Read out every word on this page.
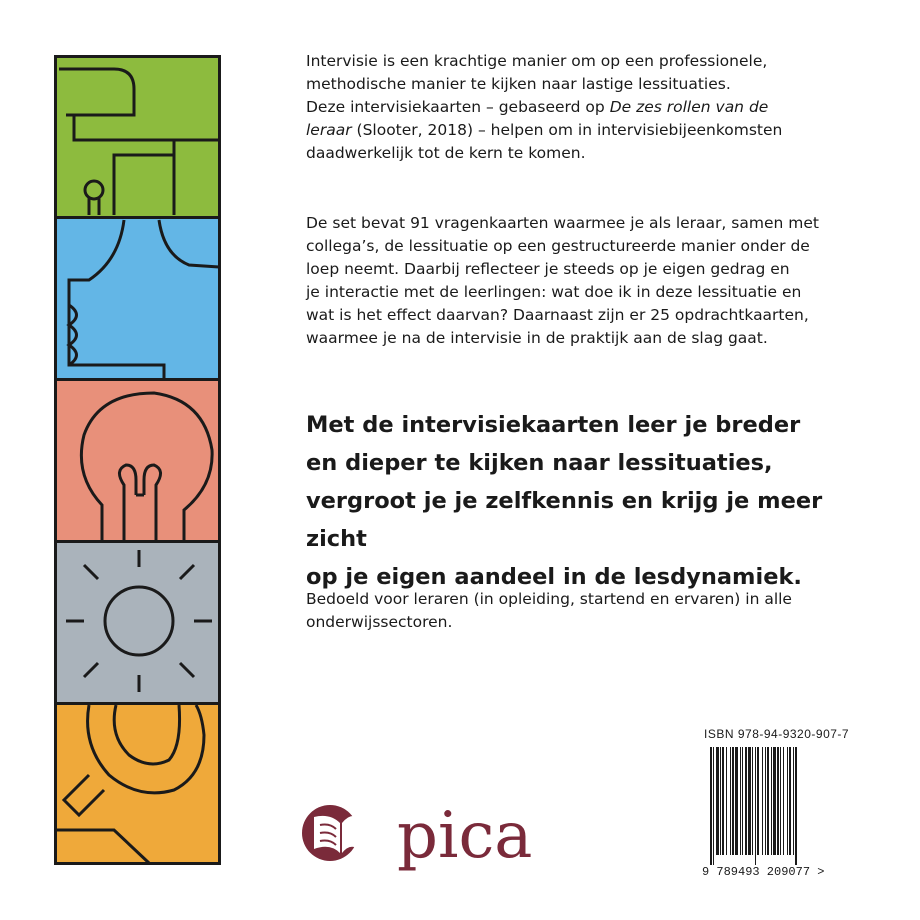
Intervisie is een krachtige manier om op een professionele,
methodische manier te kijken naar lastige lessituaties.
Deze intervisiekaarten – gebaseerd op De zes rollen van de
leraar (Slooter, 2018) – helpen om in intervisiebijeenkomsten
daadwerkelijk tot de kern te komen.
De set bevat 91 vragenkaarten waarmee je als leraar, samen met
collega’s, de lessituatie op een gestructureerde manier onder de
loep neemt. Daarbij reflecteer je steeds op je eigen gedrag en
je interactie met de leerlingen: wat doe ik in deze lessituatie en
wat is het effect daarvan? Daarnaast zijn er 25 opdrachtkaarten,
waarmee je na de intervisie in de praktijk aan de slag gaat.
Met de intervisiekaarten leer je breder
en dieper te kijken naar lessituaties,
vergroot je je zelfkennis en krijg je meer zicht
op je eigen aandeel in de lesdynamiek.
Bedoeld voor leraren (in opleiding, startend en ervaren) in alle
onderwijssectoren.
ISBN 978-94-9320-907-7
9 789493 209077 >
pica
